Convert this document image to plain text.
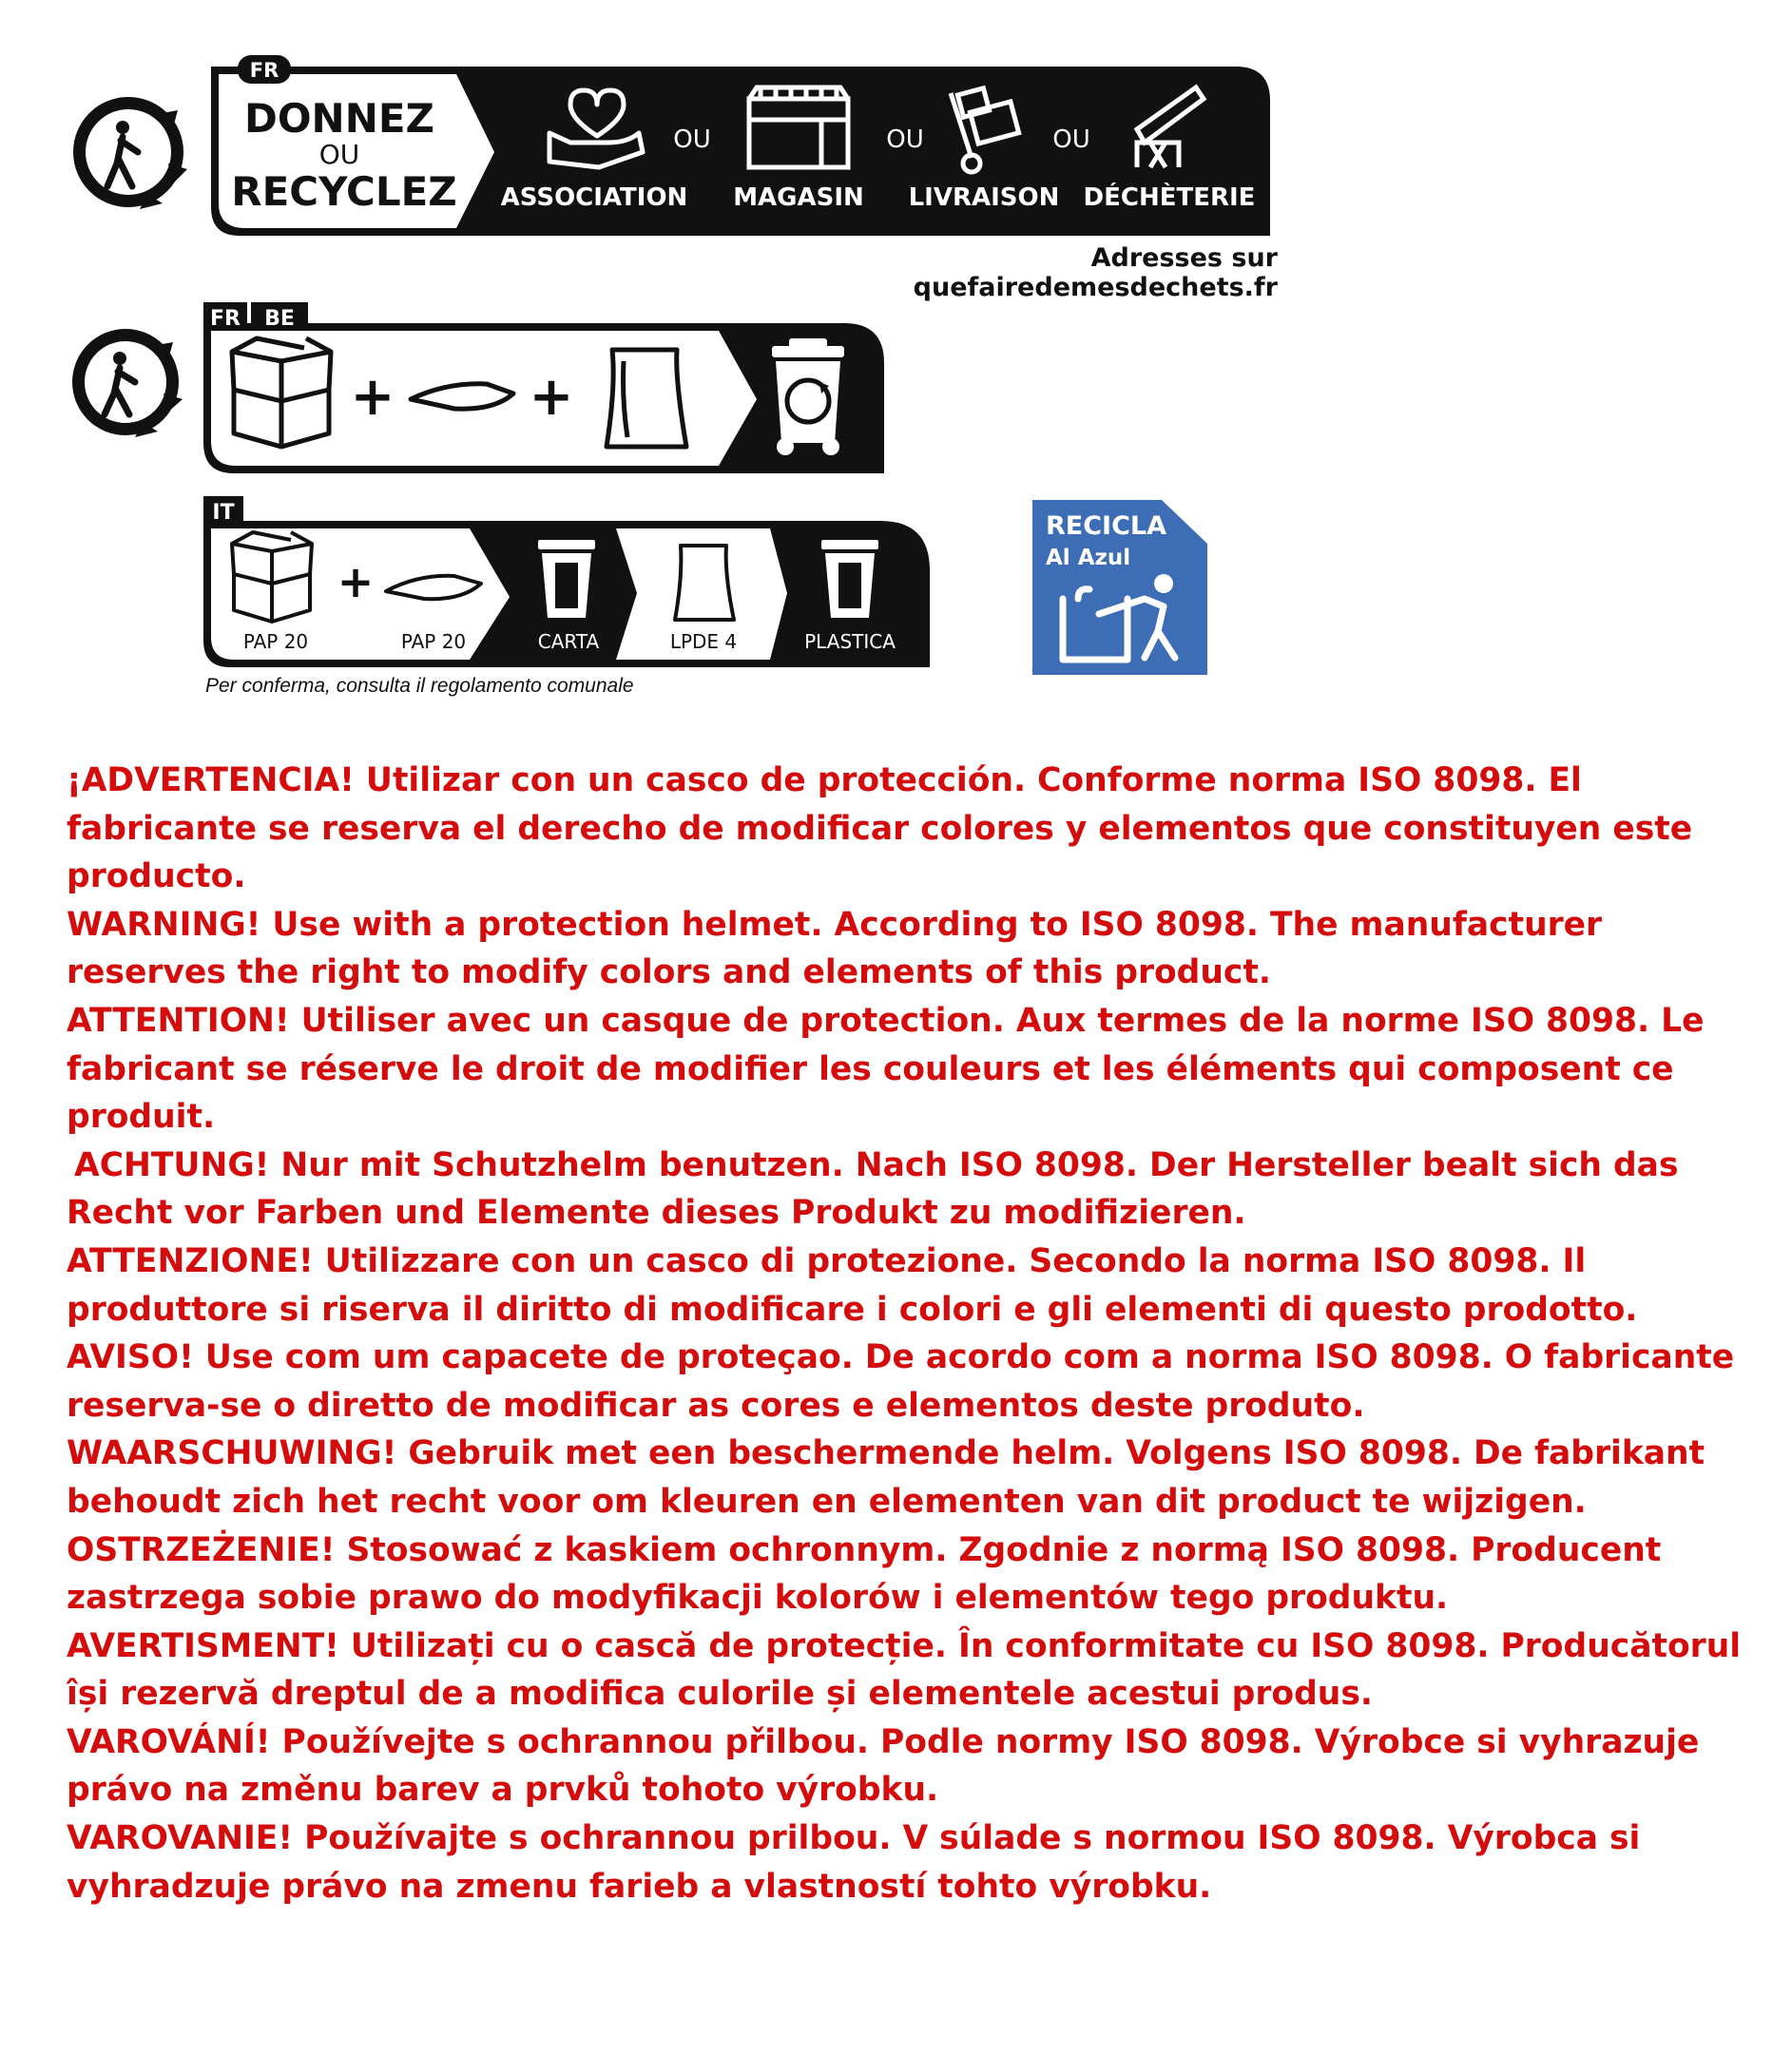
FR
DONNEZ
OU
RECYCLEZ
OU	OU	OU
ASSOCIATION MAGASIN LIVRAISON DÉCHÈTERIE
Adresses sur quefairedemesdechets.fr
FR BE
+	+
IT
PAP 20
+
PAP 20	CARTA	LPDE 4	PLASTICA
Per conferma, consulta il regolamento comunale
RECICLA
Al Azul

¡ADVERTENCIA! Utilizar con un casco de protección. Conforme norma ISO 8098. El fabricante se reserva el derecho de modificar colores y elementos que constituyen este producto.

WARNING! Use with a protection helmet. According to ISO 8098. The manufacturer reserves the right to modify colors and elements of this product.

ATTENTION! Utiliser avec un casque de protection. Aux termes de la norme ISO 8098. Le fabricant se réserve le droit de modifier les couleurs et les éléments qui composent ce produit.

ACHTUNG! Nur mit Schutzhelm benutzen. Nach ISO 8098. Der Hersteller bealt sich das Recht vor Farben und Elemente dieses Produkt zu modifizieren.

ATTENZIONE! Utilizzare con un casco di protezione. Secondo la norma ISO 8098. Il produttore si riserva il diritto di modificare i colori e gli elementi di questo prodotto.

AVISO! Use com um capacete de proteçao. De acordo com a norma ISO 8098. O fabricante reserva-se o diretto de modificar as cores e elementos deste produto.

WAARSCHUWING! Gebruik met een beschermende helm. Volgens ISO 8098. De fabrikant behoudt zich het recht voor om kleuren en elementen van dit product te wijzigen.

OSTRZEŻENIE! Stosować z kaskiem ochronnym. Zgodnie z normą ISO 8098. Producent zastrzega sobie prawo do modyfikacji kolorów i elementów tego produktu.

AVERTISMENT! Utilizați cu o cască de protecție. În conformitate cu ISO 8098. Producătorul își rezervă dreptul de a modifica culorile și elementele acestui produs.

VAROVÁNÍ! Používejte s ochrannou přilbou. Podle normy ISO 8098. Výrobce si vyhrazuje právo na změnu barev a prvků tohoto výrobku.

VAROVANIE! Používajte s ochrannou prilbou. V súlade s normou ISO 8098. Výrobca si vyhradzuje právo na zmenu farieb a vlastností tohto výrobku.
